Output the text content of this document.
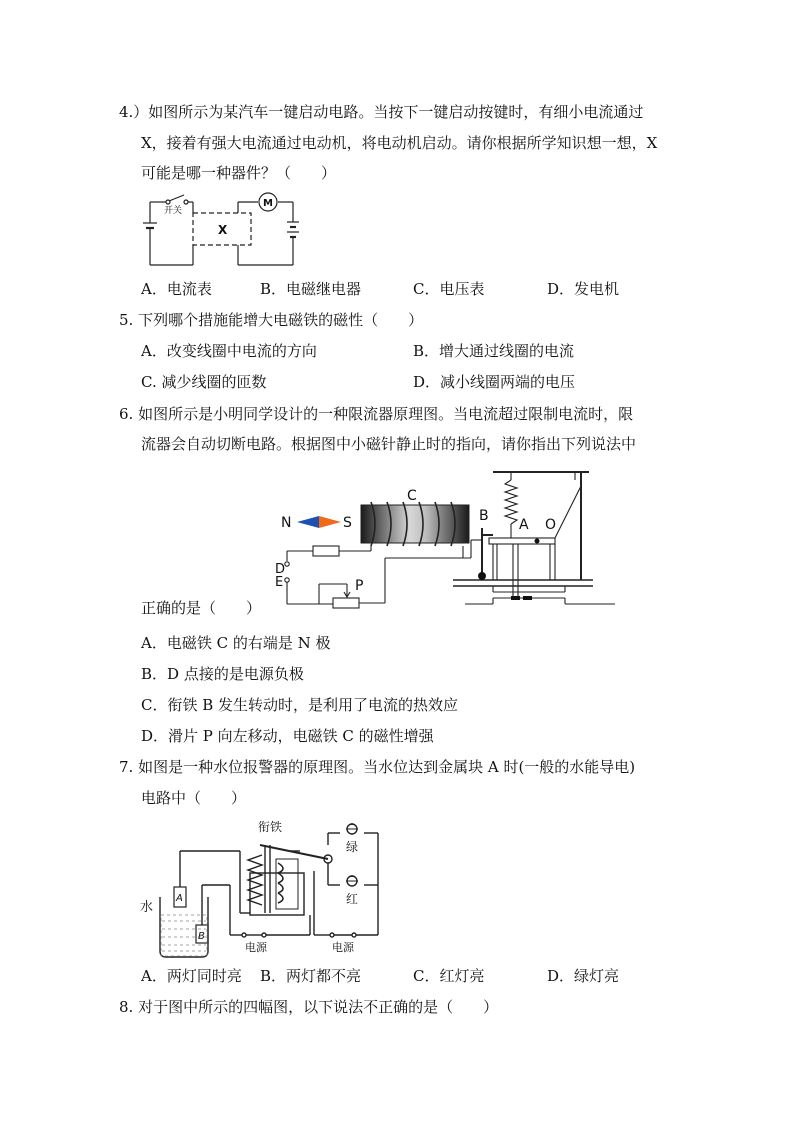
4.）如图所示为某汽车一键启动电路。当按下一键启动按键时，有细小电流通过
X，接着有强大电流通过电动机，将电动机启动。请你根据所学知识想一想，X
可能是哪一种器件？（　　）
开关
X
M
A．电流表	B．电磁继电器	C．电压表	D．发电机
5. 下列哪个措施能增大电磁铁的磁性（　　）
A．改变线圈中电流的方向	B．增大通过线圈的电流
C. 减少线圈的匝数	D．减小线圈两端的电压
6. 如图所示是小明同学设计的一种限流器原理图。当电流超过限制电流时，限
流器会自动切断电路。根据图中小磁针静止时的指向，请你指出下列说法中
N	S
C
B
A O
D
E	P
正确的是（　　）
A．电磁铁 C 的右端是 N 极
B．D 点接的是电源负极
C．衔铁 B 发生转动时，是利用了电流的热效应
D．滑片 P 向左移动，电磁铁 C 的磁性增强
7. 如图是一种水位报警器的原理图。当水位达到金属块 A 时(一般的水能导电)
电路中（　　）
衔铁
绿
红
水
A
B
电源	电源
A．两灯同时亮 B．两灯都不亮	C．红灯亮	D．绿灯亮
8. 对于图中所示的四幅图，以下说法不正确的是（　　）
